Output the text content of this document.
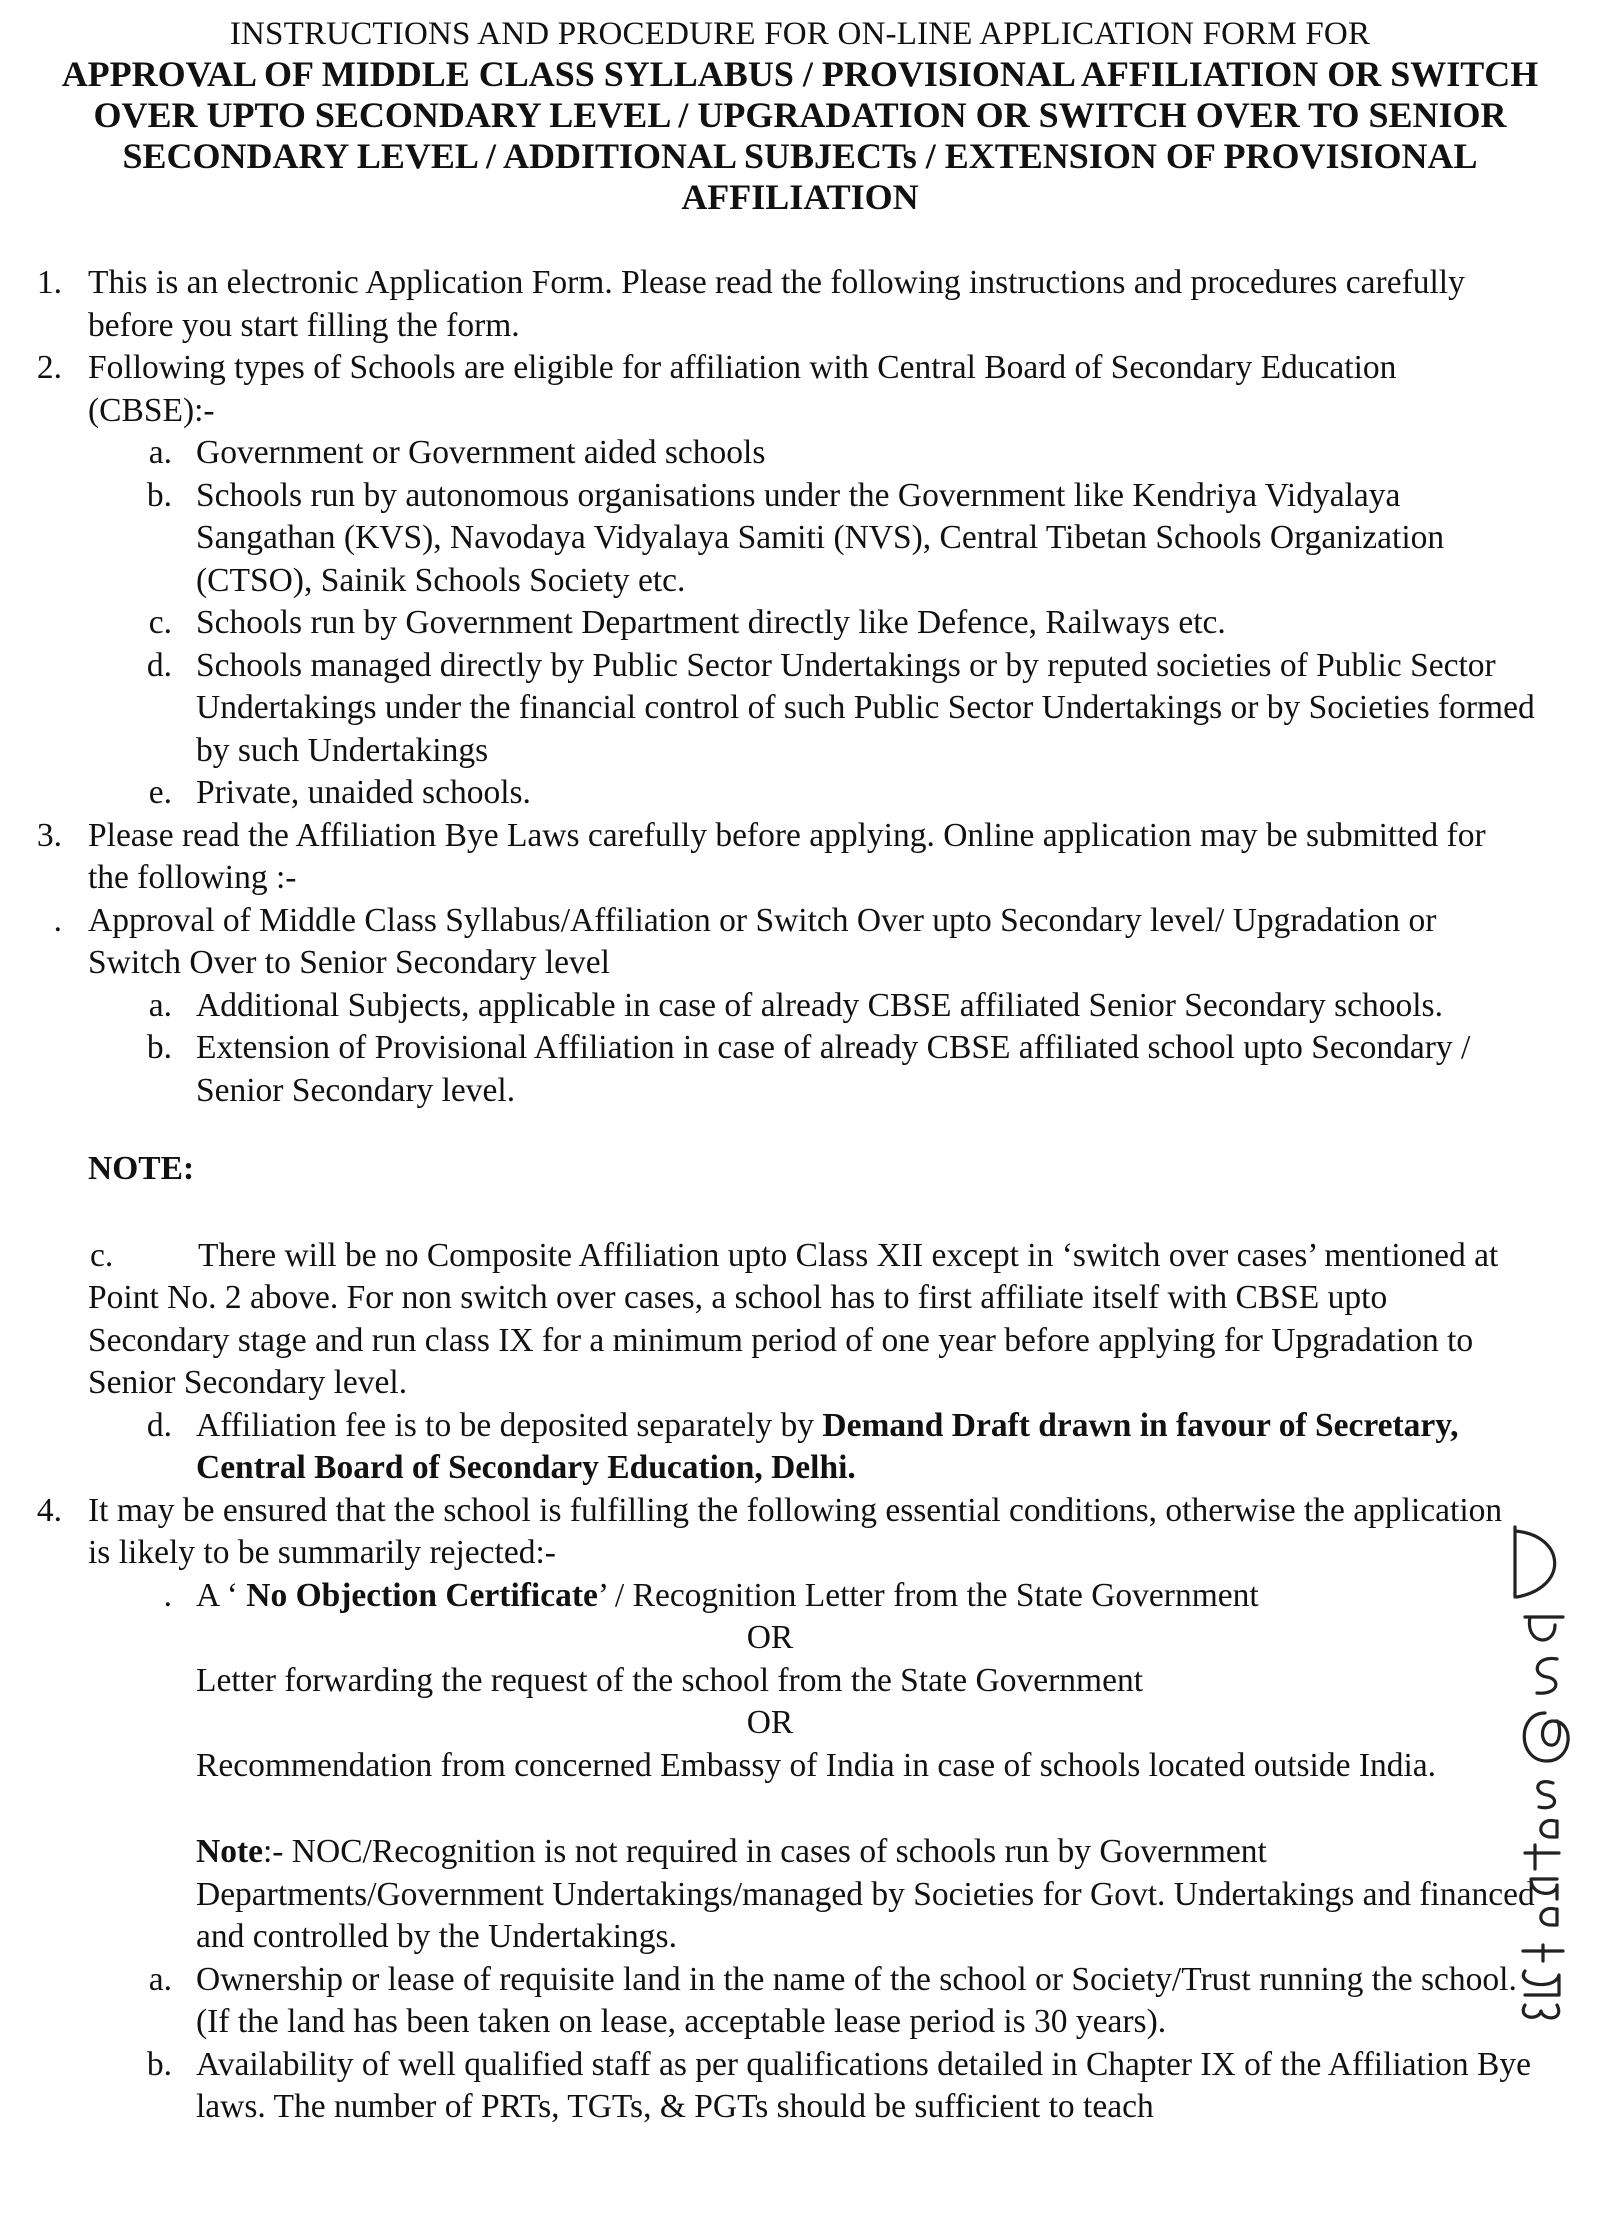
INSTRUCTIONS AND PROCEDURE FOR ON-LINE APPLICATION FORM FOR
APPROVAL OF MIDDLE CLASS SYLLABUS / PROVISIONAL AFFILIATION OR SWITCH
OVER UPTO SECONDARY LEVEL / UPGRADATION OR SWITCH OVER TO SENIOR
SECONDARY LEVEL / ADDITIONAL SUBJECTs / EXTENSION OF PROVISIONAL
AFFILIATION
1. This is an electronic Application Form. Please read the following instructions and procedures carefully before you start filling the form.
2. Following types of Schools are eligible for affiliation with Central Board of Secondary Education (CBSE):-
a. Government or Government aided schools
b. Schools run by autonomous organisations under the Government like Kendriya Vidyalaya Sangathan (KVS), Navodaya Vidyalaya Samiti (NVS), Central Tibetan Schools Organization (CTSO), Sainik Schools Society etc.
c. Schools run by Government Department directly like Defence, Railways etc.
d. Schools managed directly by Public Sector Undertakings or by reputed societies of Public Sector Undertakings under the financial control of such Public Sector Undertakings or by Societies formed by such Undertakings
e. Private, unaided schools.
3. Please read the Affiliation Bye Laws carefully before applying. Online application may be submitted for the following :-
. Approval of Middle Class Syllabus/Affiliation or Switch Over upto Secondary level/ Upgradation or Switch Over to Senior Secondary level
a. Additional Subjects, applicable in case of already CBSE affiliated Senior Secondary schools.
b. Extension of Provisional Affiliation in case of already CBSE affiliated school upto Secondary / Senior Secondary level.
NOTE:
c.	There will be no Composite Affiliation upto Class XII except in ‘switch over cases’ mentioned at Point No. 2 above. For non switch over cases, a school has to first affiliate itself with CBSE upto Secondary stage and run class IX for a minimum period of one year before applying for Upgradation to Senior Secondary level.
d. Affiliation fee is to be deposited separately by Demand Draft drawn in favour of Secretary, Central Board of Secondary Education, Delhi.
4. It may be ensured that the school is fulfilling the following essential conditions, otherwise the application is likely to be summarily rejected:-
. A ‘ No Objection Certificate’ / Recognition Letter from the State Government
OR
Letter forwarding the request of the school from the State Government
OR
Recommendation from concerned Embassy of India in case of schools located outside India.
Note:- NOC/Recognition is not required in cases of schools run by Government Departments/Government Undertakings/managed by Societies for Govt. Undertakings and financed and controlled by the Undertakings.
a. Ownership or lease of requisite land in the name of the school or Society/Trust running the school. (If the land has been taken on lease, acceptable lease period is 30 years).
b. Availability of well qualified staff as per qualifications detailed in Chapter IX of the Affiliation Bye laws. The number of PRTs, TGTs, & PGTs should be sufficient to teach
